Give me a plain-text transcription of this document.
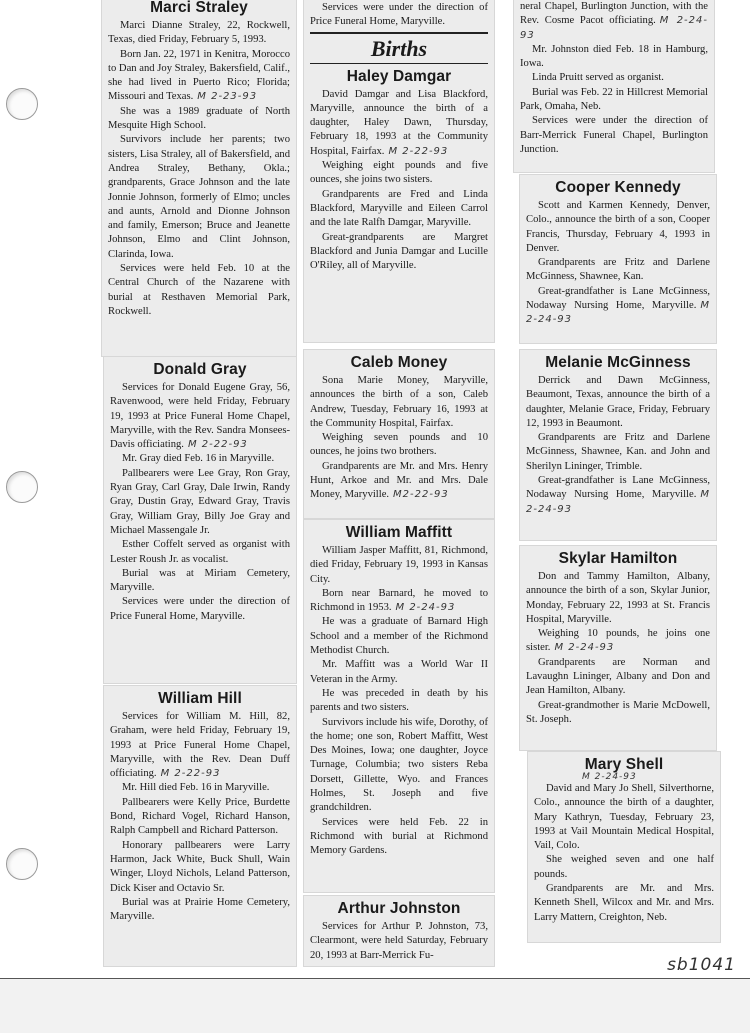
Marci Straley

Marci Dianne Straley, 22, Rockwell, Texas, died Friday, February 5, 1993.

Born Jan. 22, 1971 in Kenitra, Morocco to Dan and Joy Straley, Bakersfield, Calif., she had lived in Puerto Rico; Florida; Missouri and Texas. M 2-23-93

She was a 1989 graduate of North Mesquite High School.

Survivors include her parents; two sisters, Lisa Straley, all of Bakersfield, and Andrea Straley, Bethany, Okla.; grandparents, Grace Johnson and the late Jonnie Johnson, formerly of Elmo; uncles and aunts, Arnold and Dionne Johnson and family, Emerson; Bruce and Jeanette Johnson, Elmo and Clint Johnson, Clarinda, Iowa.

Services were held Feb. 10 at the Central Church of the Nazarene with burial at Resthaven Memorial Park, Rockwell.

Donald Gray

Services for Donald Eugene Gray, 56, Ravenwood, were held Friday, February 19, 1993 at Price Funeral Home Chapel, Maryville, with the Rev. Sandra Monsees-Davis officiating. M 2-22-93

Mr. Gray died Feb. 16 in Maryville.

Pallbearers were Lee Gray, Ron Gray, Ryan Gray, Carl Gray, Dale Irwin, Randy Gray, Dustin Gray, Edward Gray, Travis Gray, William Gray, Billy Joe Gray and Michael Massengale Jr.

Esther Coffelt served as organist with Lester Roush Jr. as vocalist.

Burial was at Miriam Cemetery, Maryville.

Services were under the direction of Price Funeral Home, Maryville.

William Hill

Services for William M. Hill, 82, Graham, were held Friday, February 19, 1993 at Price Funeral Home Chapel, Maryville, with the Rev. Dean Duff officiating. M 2-22-93

Mr. Hill died Feb. 16 in Maryville.

Pallbearers were Kelly Price, Burdette Bond, Richard Vogel, Richard Hanson, Ralph Campbell and Richard Patterson.

Honorary pallbearers were Larry Harmon, Jack White, Buck Shull, Wain Winger, Lloyd Nichols, Leland Patterson, Dick Kiser and Octavio Sr.

Burial was at Prairie Home Cemetery, Maryville.

Services were under the direction of Price Funeral Home, Maryville.

Births
Haley Damgar

David Damgar and Lisa Blackford, Maryville, announce the birth of a daughter, Haley Dawn, Thursday, February 18, 1993 at the Community Hospital, Fairfax. M 2-22-93

Weighing eight pounds and five ounces, she joins two sisters.

Grandparents are Fred and Linda Blackford, Maryville and Eileen Carrol and the late Ralfh Damgar, Maryville.

Great-grandparents are Margret Blackford and Junia Damgar and Lucille O'Riley, all of Maryville.

Caleb Money

Sona Marie Money, Maryville, announces the birth of a son, Caleb Andrew, Tuesday, February 16, 1993 at the Community Hospital, Fairfax.

Weighing seven pounds and 10 ounces, he joins two brothers.

Grandparents are Mr. and Mrs. Henry Hunt, Arkoe and Mr. and Mrs. Dale Money, Maryville. M2-22-93

William Maffitt

William Jasper Maffitt, 81, Richmond, died Friday, February 19, 1993 in Kansas City.

Born near Barnard, he moved to Richmond in 1953. M 2-24-93

He was a graduate of Barnard High School and a member of the Richmond Methodist Church.

Mr. Maffitt was a World War II Veteran in the Army.

He was preceded in death by his parents and two sisters.

Survivors include his wife, Dorothy, of the home; one son, Robert Maffitt, West Des Moines, Iowa; one daughter, Joyce Turnage, Columbia; two sisters Reba Dorsett, Gillette, Wyo. and Frances Holmes, St. Joseph and five grandchildren.

Services were held Feb. 22 in Richmond with burial at Richmond Memory Gardens.

Arthur Johnston

Services for Arthur P. Johnston, 73, Clearmont, were held Saturday, February 20, 1993 at Barr-Merrick Fu-

neral Chapel, Burlington Junction, with the Rev. Cosme Pacot officiating. M 2-24-93

Mr. Johnston died Feb. 18 in Hamburg, Iowa.

Linda Pruitt served as organist.

Burial was Feb. 22 in Hillcrest Memorial Park, Omaha, Neb.

Services were under the direction of Barr-Merrick Funeral Chapel, Burlington Junction.

Cooper Kennedy

Scott and Karmen Kennedy, Denver, Colo., announce the birth of a son, Cooper Francis, Thursday, February 4, 1993 in Denver.

Grandparents are Fritz and Darlene McGinness, Shawnee, Kan.

Great-grandfather is Lane McGinness, Nodaway Nursing Home, Maryville. M 2-24-93

Melanie McGinness

Derrick and Dawn McGinness, Beaumont, Texas, announce the birth of a daughter, Melanie Grace, Friday, February 12, 1993 in Beaumont.

Grandparents are Fritz and Darlene McGinness, Shawnee, Kan. and John and Sherilyn Lininger, Trimble.

Great-grandfather is Lane McGinness, Nodaway Nursing Home, Maryville. M 2-24-93

Skylar Hamilton

Don and Tammy Hamilton, Albany, announce the birth of a son, Skylar Junior, Monday, February 22, 1993 at St. Francis Hospital, Maryville.

Weighing 10 pounds, he joins one sister. M 2-24-93

Grandparents are Norman and Lavaughn Lininger, Albany and Don and Jean Hamilton, Albany.

Great-grandmother is Marie McDowell, St. Joseph.

Mary Shell
M 2-24-93

David and Mary Jo Shell, Silverthorne, Colo., announce the birth of a daughter, Mary Kathryn, Tuesday, February 23, 1993 at Vail Mountain Medical Hospital, Vail, Colo.

She weighed seven and one half pounds.

Grandparents are Mr. and Mrs. Kenneth Shell, Wilcox and Mr. and Mrs. Larry Mattern, Creighton, Neb.

sb1041
